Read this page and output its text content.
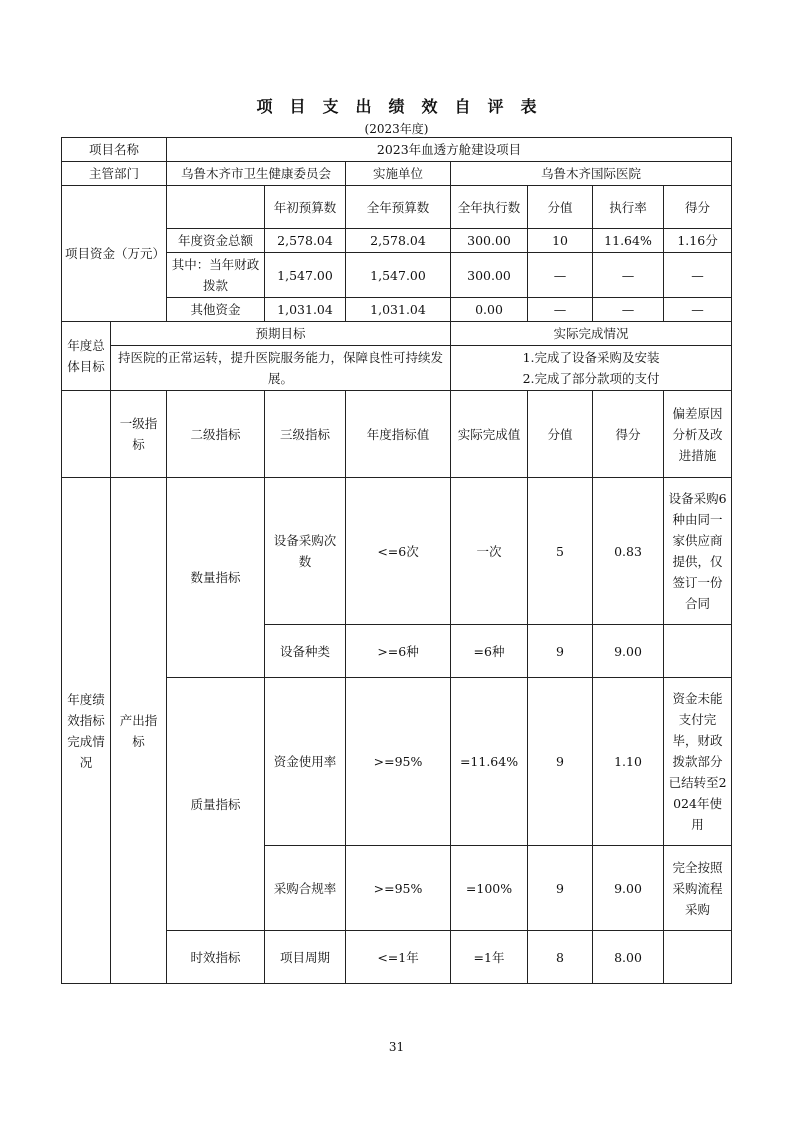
项目支出绩效自评表
(2023年度)
项目名称		2023年血透方舱建设项目						
主管部门		乌鲁木齐市卫生健康委员会		实施单位	乌鲁木齐国际医院			
项目资金（万元）			年初预算数	全年预算数	全年执行数	分值	执行率	得分
		年度资金总额	2,578.04	2,578.04	300.00	10	11.64%	1.16分
		其中：当年财政拨款	1,547.00	1,547.00	300.00	—	—	—
		其他资金	1,031.04	1,031.04	0.00	—	—	—
年度总体目标	预期目标				实际完成情况			
	持医院的正常运转，提升医院服务能力，保障良性可持续发展。				1.完成了设备采购及安装
2.完成了部分款项的支付			

	一级指标	二级指标	三级指标	年度指标值	实际完成值	分值	得分	偏差原因分析及改进措施
年度绩效指标完成情况	产出指标	数量指标	设备采购次数	<=6次	一次	5	0.83	设备采购6种由同一家供应商提供，仅签订一份合同
			设备种类	>=6种	=6种	9	9.00	
		质量指标	资金使用率	>=95%	=11.64%	9	1.10	资金未能支付完毕，财政拨款部分已结转至2024年使用
			采购合规率	>=95%	=100%	9	9.00	完全按照采购流程采购
		时效指标	项目周期	<=1年	=1年	8	8.00	
31
